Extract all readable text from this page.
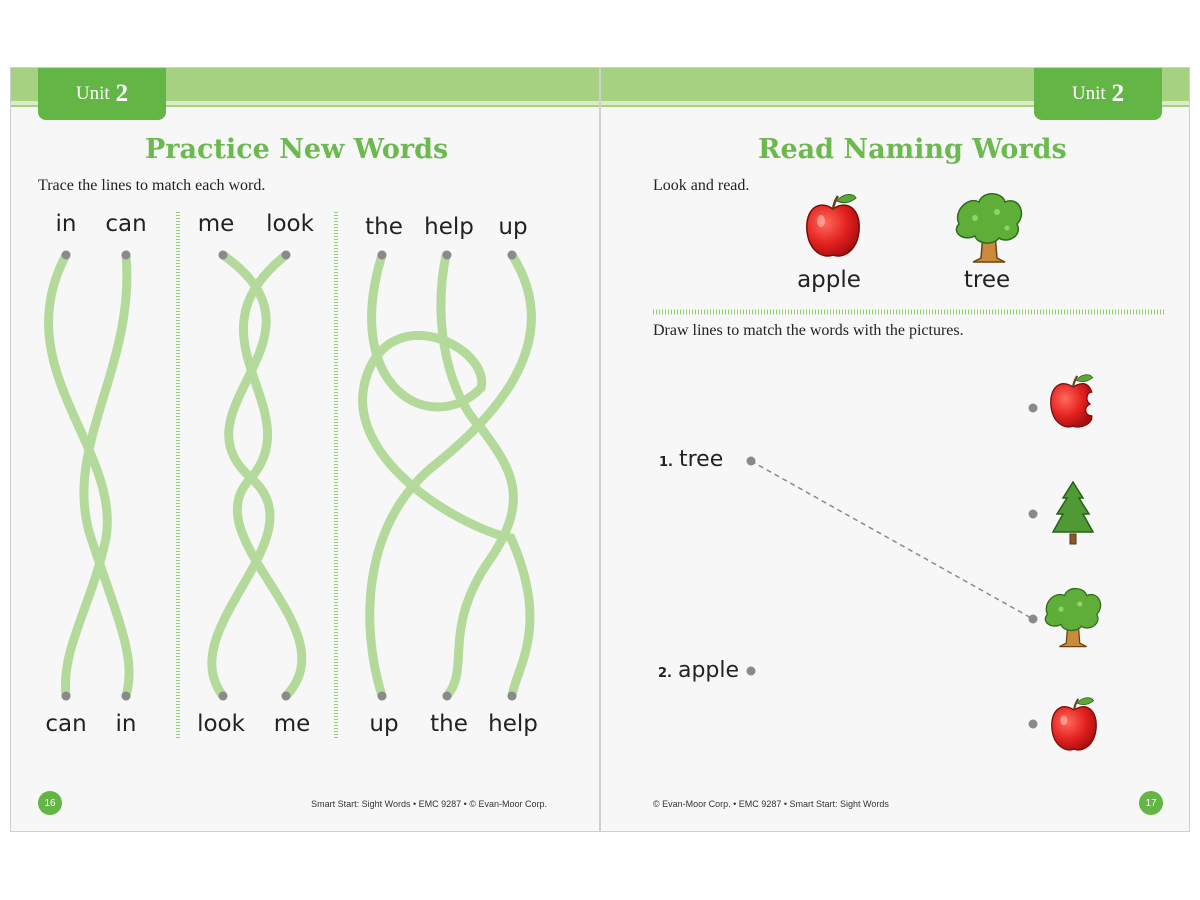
Unit 2
Practice New Words
Trace the lines to match each word.
in can me look the help up
can in	look me	up the help
16	Smart Start: Sight Words • EMC 9287 • © Evan-Moor Corp.
Unit 2
Read Naming Words
Look and read.
apple	tree
Draw lines to match the words with the pictures.
1. tree
2. apple
17
© Evan-Moor Corp. • EMC 9287 • Smart Start: Sight Words
